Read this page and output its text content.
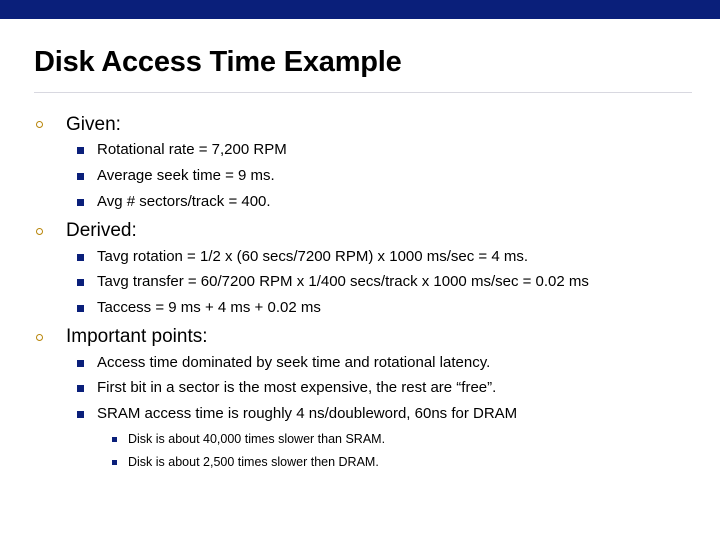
Disk Access Time Example
Given:
Rotational rate = 7,200 RPM
Average seek time = 9 ms.
Avg # sectors/track = 400.
Derived:
Tavg rotation = 1/2 x (60 secs/7200 RPM) x 1000 ms/sec = 4 ms.
Tavg transfer = 60/7200 RPM x 1/400 secs/track x 1000 ms/sec = 0.02 ms
Taccess = 9 ms + 4 ms + 0.02 ms
Important points:
Access time dominated by seek time and rotational latency.
First bit in a sector is the most expensive, the rest are “free”.
SRAM access time is roughly 4 ns/doubleword, 60ns for DRAM
Disk is about 40,000 times slower than SRAM.
Disk is about 2,500 times slower then DRAM.
